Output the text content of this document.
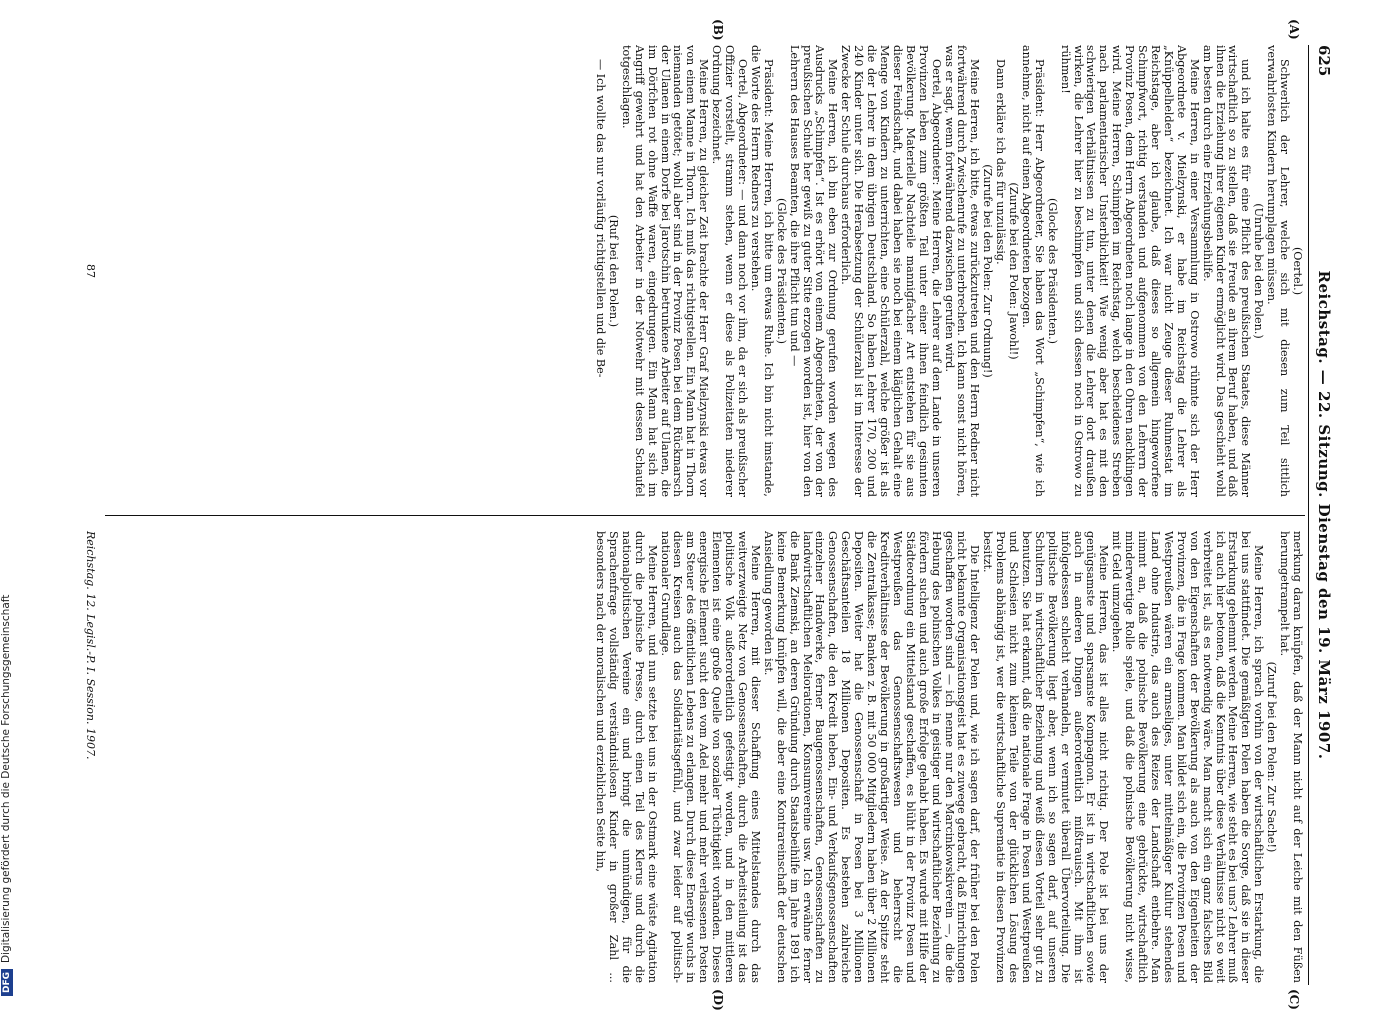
625
Reichstag. — 22. Sitzung. Dienstag den 19. März 1907.
(A)
(B)
(C)
(D)

(Oertel.)

Schwerlich der Lehrer, welche sich mit diesen zum Teil sittlich verwahrlosten Kindern herumplagen müssen.

(Unruhe bei den Polen.)

und ich halte es für eine Pflicht des preußischen Staates, diese Männer wirtschaftlich so zu stellen, daß sie Freude an ihrem Beruf haben, und daß ihnen die Erziehung ihrer eigenen Kinder ermöglicht wird. Das geschieht wohl am besten durch eine Erziehungsbeihilfe.

Meine Herren, in einer Versammlung in Ostrowo rühmte sich der Herr Abgeordnete v. Mielzynski, er habe im Reichstag die Lehrer als „Knüppelhelden“ bezeichnet. Ich war nicht Zeuge dieser Ruhmestat im Reichstage, aber ich glaube, daß dieses so allgemein hingeworfene Schimpfwort, richtig verstanden und aufgenommen von den Lehrern der Provinz Posen, dem Herrn Abgeordneten noch lange in den Ohren nachklingen wird. Meine Herren, Schimpfen im Reichstag, welch bescheidenes Streben nach parlamentarischer Unsterblichkeit! Wie wenig aber hat es mit den schwierigen Verhältnissen zu tun, unter denen die Lehrer dort draußen wirken, die Lehrer hier zu beschimpfen und sich dessen noch in Ostrowo zu rühmen!

(Glocke des Präsidenten.)

Präsident: Herr Abgeordneter, Sie haben das Wort „Schimpfen“, wie ich annehme, nicht auf einen Abgeordneten bezogen.

(Zurufe bei den Polen: Jawohl!)

Dann erkläre ich das für unzulässig.

(Zurufe bei den Polen: Zur Ordnung!)

Meine Herren, ich bitte, etwas zurückzutreten und den Herrn Redner nicht fortwährend durch Zwischenrufe zu unterbrechen. Ich kann sonst nicht hören, was er sagt, wenn fortwährend dazwischen gerufen wird.

Oertel, Abgeordneter: Meine Herren, die Lehrer auf dem Lande in unseren Provinzen leben zum größten Teil unter einer ihnen feindlich gesinnten Bevölkerung. Materielle Nachteile mannigfacher Art entstehen für sie aus dieser Feindschaft, und dabei haben sie noch bei einem kläglichen Gehalt eine Menge von Kindern zu unterrichten, eine Schülerzahl, welche größer ist als die der Lehrer in dem übrigen Deutschland. So haben Lehrer 170, 200 und 240 Kinder unter sich. Die Herabsetzung der Schülerzahl ist im Interesse der Zwecke der Schule durchaus erforderlich.

Meine Herren, ich bin eben zur Ordnung gerufen worden wegen des Ausdrucks „Schimpfen“. Ist es erhört von einem Abgeordneten, der von der preußischen Schule her gewiß zu guter Sitte erzogen worden ist, hier von den Lehrern des Hauses Beamten, die ihre Pflicht tun und —

(Glocke des Präsidenten.)

Präsident: Meine Herren, ich bitte um etwas Ruhe. Ich bin nicht imstande, die Worte des Herrn Redners zu verstehen.

Oertel, Abgeordneter: — und dann noch vor ihm, da er sich als preußischer Offizier vorstellt, stramm stehen, wenn er diese als Polizeitaten niederer Ordnung bezeichnet.

Meine Herren, zu gleicher Zeit brachte der Herr Graf Mielzynski etwas vor von einem Manne in Thorn. Ich muß das richtigstellen. Ein Mann hat in Thorn niemanden getötet; wohl aber sind in der Provinz Posen bei dem Rückmarsch der Ulanen in einem Dorfe bei Jarotschin betrunkene Arbeiter auf Ulanen, die im Dörfchen rot ohne Waffe waren, eingedrungen. Ein Mann hat sich im Angriff gewehrt und hat den Arbeiter in der Notwehr mit dessen Schaufel totgeschlagen.

(Ruf bei den Polen.)

— Ich wollte das nur vorläufig richtigstellen und die Be-

merkung daran knüpfen, daß der Mann nicht auf der Leiche mit den Füßen herumgetrampelt hat.

(Zuruf bei den Polen: Zur Sache!)

Meine Herren, ich sprach vorhin von der wirtschaftlichen Erstarkung, die bei uns stattfindet. Die gemäßigten Polen haben die Sorge, daß sie in dieser Erstarkung gehemmt werden. Meine Herren, wie steht es bei uns? Lehrer muß ich auch hier betonen, daß die Kenntnis über diese Verhältnisse nicht so weit verbreitet ist, als es notwendig wäre. Man macht sich ein ganz falsches Bild von den Eigenschaften der Bevölkerung als auch von den Eigenheiten der Provinzen, die in Frage kommen. Man bildet sich ein, die Provinzen Posen und Westpreußen wären ein armseliges, unter mittelmäßiger Kultur stehendes Land ohne Industrie, das auch des Reizes der Landschaft entbehre. Man nimmt an, daß die polnische Bevölkerung eine gebrückte, wirtschaftlich minderwertige Rolle spiele, und daß die polnische Bevölkerung nicht wisse, mit Geld umzugehen.

Meine Herren, das ist alles nicht richtig. Der Pole ist bei uns der genügsamste und sparsamste Kompagnon. Er ist in wirtschaftlichen sowie auch in anderen Dingen außerordentlich mißtrauisch. Mit ihm ist infolgedessen schlecht verhandeln, er vermutet überall Übervorteilung. Die politische Bevölkerung liegt aber, wenn ich so sagen darf, auf unseren Schultern in wirtschaftlicher Beziehung und weiß diesen Vorteil sehr gut zu benutzen. Sie hat erkannt, daß die nationale Frage in Posen und Westpreußen und Schlesien nicht zum kleinen Teile von der glücklichen Lösung des Problems abhängig ist, wer die wirtschaftliche Suprematie in diesen Provinzen besitzt.

Die Intelligenz der Polen und, wie ich sagen darf, der früher bei den Polen nicht bekannte Organisationsgeist hat es zuwege gebracht, daß Einrichtungen geschaffen worden sind — ich nenne nur den Marcinkowskiverein —, die die Hebung des polnischen Volkes in geistiger und wirtschaftlicher Beziehung zu fördern suchen und auch große Erfolge gehabt haben. Es wurde mit Hilfe der Städteordnung ein Mittelstand geschaffen, es blüht in der Provinz Posen und Westpreußen das Genossenschaftswesen und beherrscht die Kreditverhältnisse der Bevölkerung in großartiger Weise. An der Spitze steht die Zentralkasse; Banken z. B. mit 50 000 Mitgliedern haben über 2 Millionen Depositen. Weiter hat die Genossenschaft in Posen bei 3 Millionen Geschäftsanteilen 18 Millionen Depositen. Es bestehen zahlreiche Genossenschaften, die den Kredit heben, Ein- und Verkaufsgenossenschaften einzelner Handwerke, ferner Baugenossenschaften, Genossenschaften zu landwirtschaftlichen Meliorationen, Konsumvereine usw. Ich erwähne ferner die Bank Ziemski, an deren Gründung durch Staatsbeihilfe im Jahre 1891 ich keine Bemerkung knüpfen will, die aber eine Kontrareinschaft der deutschen Ansiedlung geworden ist.

Meine Herren, mit dieser Schaffung eines Mittelstandes durch das weitverzweigte Netz von Genossenschaften, durch die Arbeitsteilung ist das politische Volk außerordentlich gefestigt worden, und in den mittleren Elementen ist eine große Quelle von sozialer Tüchtigkeit vorhanden. Dieses energische Element sucht den vom Adel mehr und mehr verlassenen Posten am Steuer des öffentlichen Lebens zu erlangen. Durch diese Energie wuchs in diesen Kreisen auch das Solidaritätsgefühl, und zwar leider auf politisch-nationaler Grundlage.

Meine Herren, und nun setzte bei uns in der Ostmark eine wüste Agitation durch die polnische Presse, durch einen Teil des Klerus und durch die nationalpolitischen Vereine ein und bringt die unmündigen, für die Sprachenfrage vollständig verständnislosen Kinder in großer Zahl ... besonders nach der moralischen und erziehlichen Seite hin,

Reichstag. 12. Legisl.-P. I. Session. 1907.
87
DFGDigitalisierung gefördert durch die Deutsche Forschungsgemeinschaft
